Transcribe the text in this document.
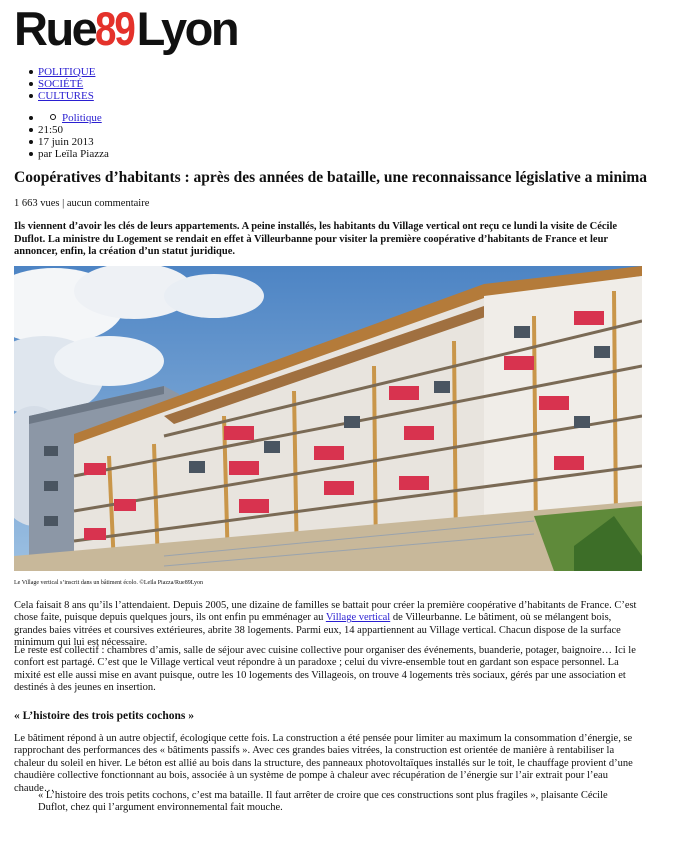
Rue 89 Lyon
POLITIQUE
SOCIÉTÉ
CULTURES
Politique
21:50
17 juin 2013
par Leïla Piazza
Coopératives d’habitants : après des années de bataille, une reconnaissance législative a minima
1 663 vues | aucun commentaire
Ils viennent d’avoir les clés de leurs appartements. A peine installés, les habitants du Village vertical ont reçu ce lundi la visite de Cécile Duflot. La ministre du Logement se rendait en effet à Villeurbanne pour visiter la première coopérative d’habitants de France et leur annoncer, enfin, la création d’un statut juridique.
Le Village vertical s’inscrit dans un bâtiment écolo. ©Leïla Piazza/Rue89Lyon
Cela faisait 8 ans qu’ils l’attendaient. Depuis 2005, une dizaine de familles se battait pour créer la première coopérative d’habitants de France. C’est chose faite, puisque depuis quelques jours, ils ont enfin pu emménager au Village vertical de Villeurbanne. Le bâtiment, où se mélangent bois, grandes baies vitrées et coursives extérieures, abrite 38 logements. Parmi eux, 14 appartiennent au Village vertical. Chacun dispose de la surface minimum qui lui est nécessaire.
Le reste est collectif : chambres d’amis, salle de séjour avec cuisine collective pour organiser des événements, buanderie, potager, baignoire… Ici le confort est partagé. C’est que le Village vertical veut répondre à un paradoxe ; celui du vivre-ensemble tout en gardant son espace personnel. La mixité est elle aussi mise en avant puisque, outre les 10 logements des Villageois, on trouve 4 logements très sociaux, gérés par une association et destinés à des jeunes en insertion.
« L’histoire des trois petits cochons »
Le bâtiment répond à un autre objectif, écologique cette fois. La construction a été pensée pour limiter au maximum la consommation d’énergie, se rapprochant des performances des « bâtiments passifs ». Avec ces grandes baies vitrées, la construction est orientée de manière à rentabiliser la chaleur du soleil en hiver. Le béton est allié au bois dans la structure, des panneaux photovoltaïques installés sur le toit, le chauffage provient d’une chaudière collective fonctionnant au bois, associée à un système de pompe à chaleur avec récupération de l’énergie sur l’air extrait pour l’eau chaude…
« L’histoire des trois petits cochons, c’est ma bataille. Il faut arrêter de croire que ces constructions sont plus fragiles », plaisante Cécile Duflot, chez qui l’argument environnemental fait mouche.
